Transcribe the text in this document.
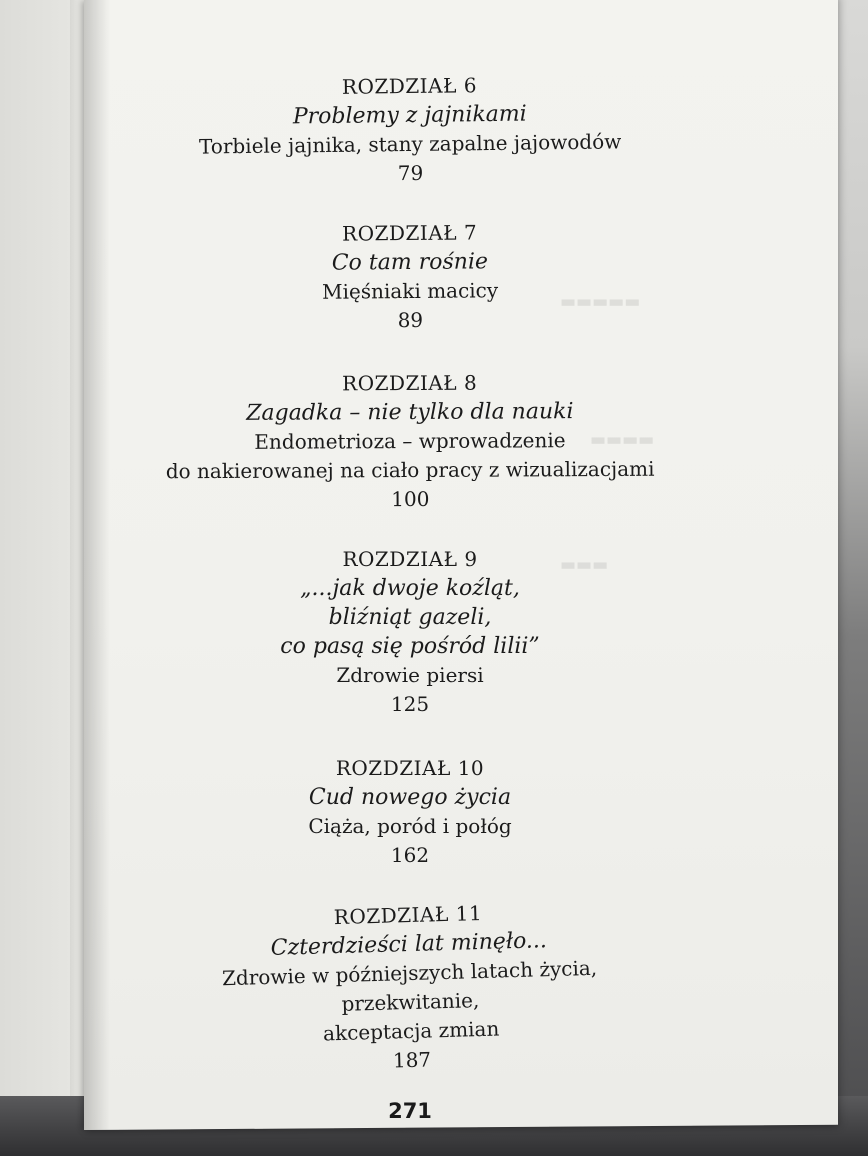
▬▬▬▬▬
▬▬▬▬
▬▬▬
ROZDZIAŁ 6
Problemy z jajnikami
Torbiele jajnika, stany zapalne jajowodów
79
ROZDZIAŁ 7
Co tam rośnie
Mięśniaki macicy
89
ROZDZIAŁ 8
Zagadka – nie tylko dla nauki
Endometrioza – wprowadzenie
do nakierowanej na ciało pracy z wizualizacjami
100
ROZDZIAŁ 9
„...jak dwoje koźląt,
bliźniąt gazeli,
co pasą się pośród lilii”
Zdrowie piersi
125
ROZDZIAŁ 10
Cud nowego życia
Ciąża, poród i połóg
162
ROZDZIAŁ 11
Czterdzieści lat minęło...
Zdrowie w późniejszych latach życia,
przekwitanie,
akceptacja zmian
187
271
